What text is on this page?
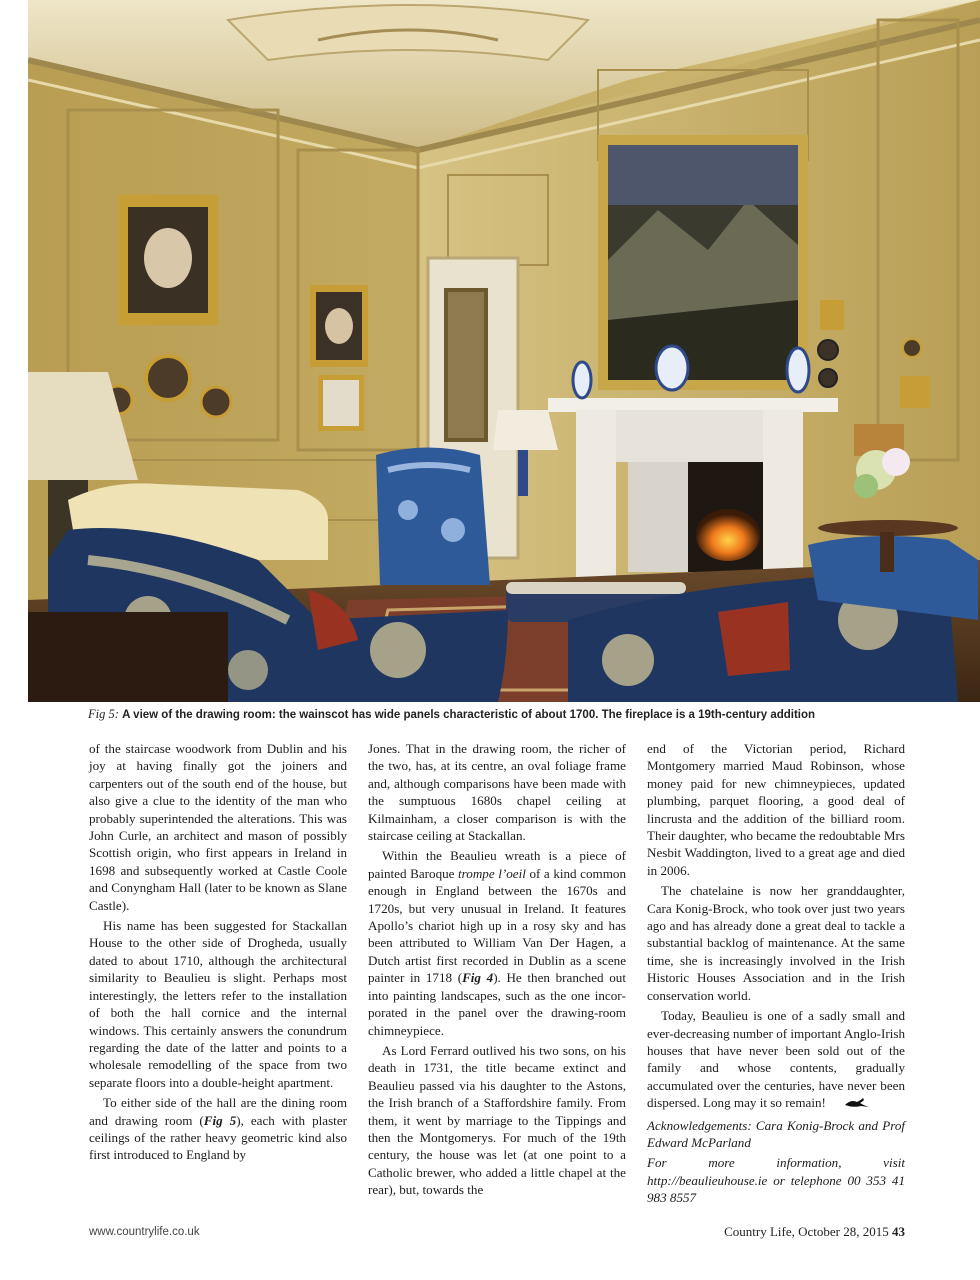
Fig 5: A view of the drawing room: the wainscot has wide panels characteristic of about 1700. The fireplace is a 19th-century addition

of the staircase woodwork from Dublin and his joy at having finally got the joiners and carpenters out of the south end of the house, but also give a clue to the identity of the man who probably superintended the alterations. This was John Curle, an architect and mason of possibly Scottish origin, who first appears in Ireland in 1698 and subsequently worked at Castle Coole and Conyngham Hall (later to be known as Slane Castle).

His name has been suggested for Stackallan House to the other side of Drogheda, usually dated to about 1710, although the architectural similarity to Beaulieu is slight. Perhaps most interestingly, the letters refer to the installation of both the hall cornice and the internal windows. This certainly answers the conundrum regarding the date of the latter and points to a wholesale remodelling of the space from two separate floors into a double-height apartment.

To either side of the hall are the dining room and drawing room (Fig 5), each with plaster ceilings of the rather heavy geometric kind also first introduced to England by

Jones. That in the drawing room, the richer of the two, has, at its centre, an oval foliage frame and, although comparisons have been made with the sumptuous 1680s chapel ceiling at Kilmainham, a closer comparison is with the staircase ceiling at Stackallan.

Within the Beaulieu wreath is a piece of painted Baroque trompe l’oeil of a kind common enough in England between the 1670s and 1720s, but very unusual in Ireland. It features Apollo’s chariot high up in a rosy sky and has been attributed to William Van Der Hagen, a Dutch artist first recorded in Dublin as a scene painter in 1718 (Fig 4). He then branched out into painting landscapes, such as the one incorporated in the panel over the drawing-room chimneypiece.

As Lord Ferrard outlived his two sons, on his death in 1731, the title became extinct and Beaulieu passed via his daughter to the Astons, the Irish branch of a Staffordshire family. From them, it went by marriage to the Tippings and then the Montgomerys. For much of the 19th century, the house was let (at one point to a Catholic brewer, who added a little chapel at the rear), but, towards the

end of the Victorian period, Richard Montgomery married Maud Robinson, whose money paid for new chimneypieces, updated plumbing, parquet flooring, a good deal of lincrusta and the addition of the billiard room. Their daughter, who became the redoubtable Mrs Nesbit Waddington, lived to a great age and died in 2006.

The chatelaine is now her granddaughter, Cara Konig-Brock, who took over just two years ago and has already done a great deal to tackle a substantial backlog of maintenance. At the same time, she is increasingly involved in the Irish Historic Houses Association and in the Irish conservation world.

Today, Beaulieu is one of a sadly small and ever-decreasing number of important Anglo-Irish houses that have never been sold out of the family and whose contents, gradually accumulated over the centuries, have never been dispersed. Long may it so remain!

Acknowledgements: Cara Konig-Brock and Prof Edward McParland

For more information, visit http://beaulieuhouse.ie or telephone 00 353 41 983 8557

www.countrylife.co.uk	Country Life, October 28, 2015 43
